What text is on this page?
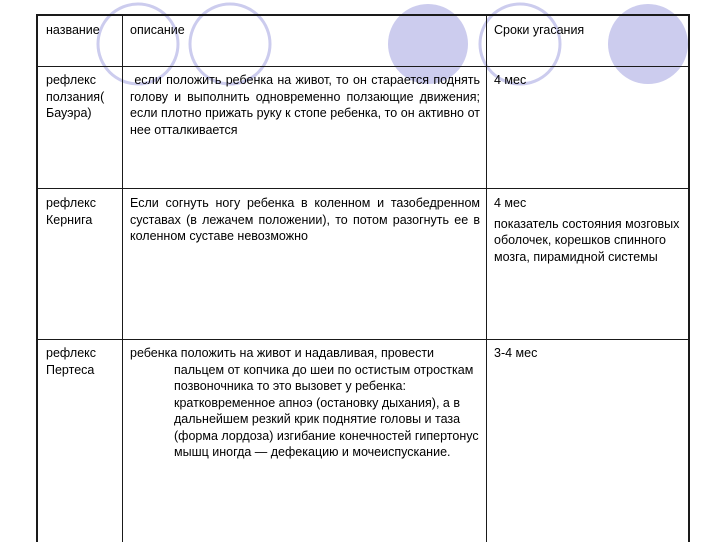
название	описание	Сроки угасания
рефлекс ползания( Бауэра)
если положить ребенка на живот, то он старается поднять голову и выполнить одновременно ползающие движения; если плотно прижать руку к стопе ребенка, то он активно от нее отталкивается
4 мес
рефлекс Кернига
Если согнуть ногу ребенка в коленном и тазобедренном суставах (в лежачем положении), то потом разогнуть ее в коленном суставе невозможно
4 мес
показатель состояния мозговых оболочек, корешков спинного мозга, пирамидной системы
рефлекс Пертеса
ребенка положить на живот и надавливая, провести пальцем от копчика до шеи по остистым отросткам позвоночника то это вызовет у ребенка: кратковременное апноэ (остановку дыхания), а в дальнейшем резкий крик поднятие головы и таза (форма лордоза) изгибание конечностей гипертонус мышц иногда — дефекацию и мочеиспускание.
3-4 мес
